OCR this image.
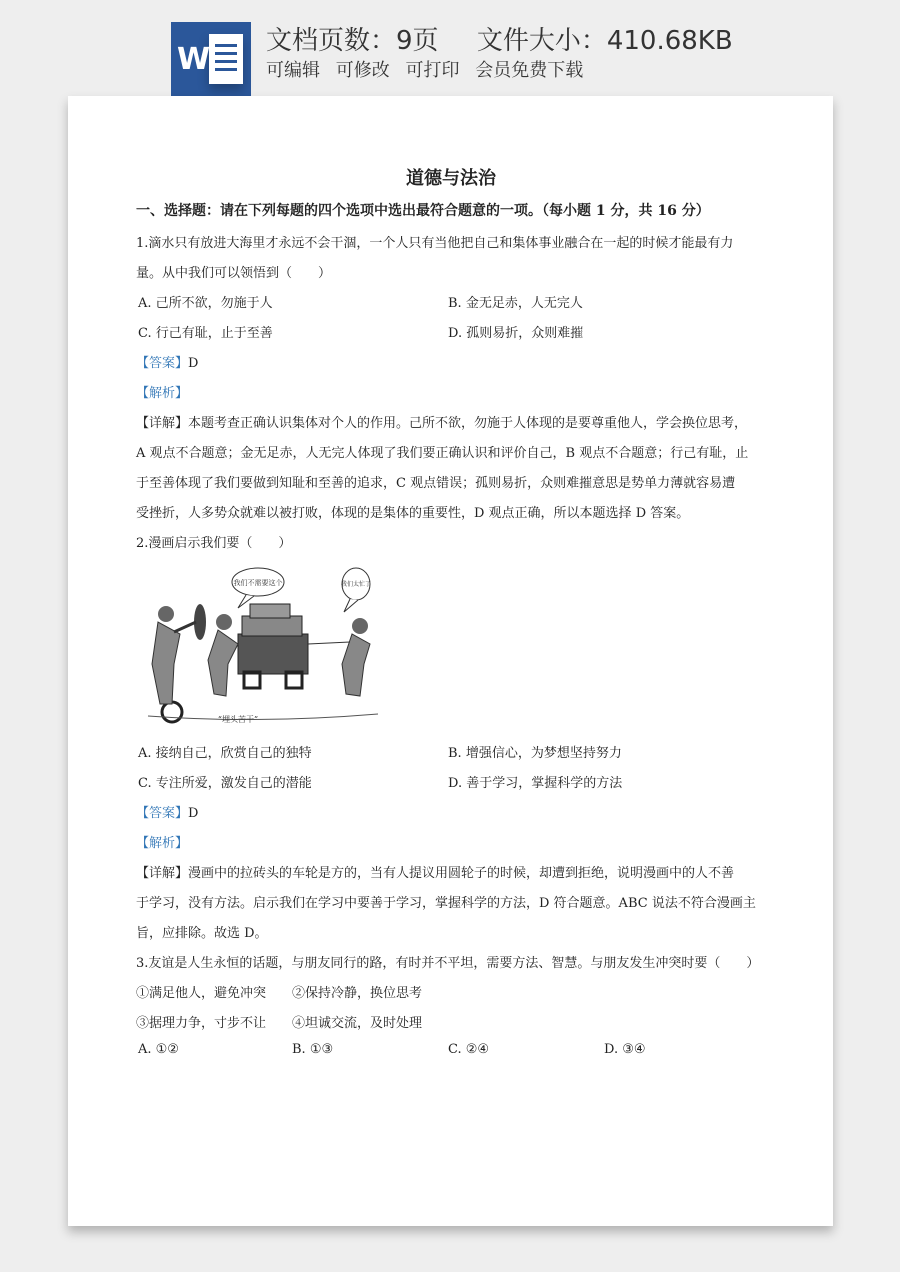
W
文档页数：9页 文件大小：410.68KB
可编辑 可修改 可打印 会员免费下载
道德与法治
一、选择题：请在下列每题的四个选项中选出最符合题意的一项。（每小题 1 分，共 16 分）
1.滴水只有放进大海里才永远不会干涸，一个人只有当他把自己和集体事业融合在一起的时候才能最有力
量。从中我们可以领悟到（　　）
A. 己所不欲，勿施于人	B. 金无足赤，人无完人
C. 行己有耻，止于至善	D. 孤则易折，众则难摧
【答案】D
【解析】
【详解】本题考查正确认识集体对个人的作用。己所不欲，勿施于人体现的是要尊重他人，学会换位思考，
A 观点不合题意；金无足赤，人无完人体现了我们要正确认识和评价自己，B 观点不合题意；行己有耻，止
于至善体现了我们要做到知耻和至善的追求，C 观点错误；孤则易折，众则难摧意思是势单力薄就容易遭
受挫折，人多势众就难以被打败，体现的是集体的重要性，D 观点正确，所以本题选择 D 答案。
2.漫画启示我们要（　　）
我们不需要这个	我们太忙了
“埋头苦干”
A. 接纳自己，欣赏自己的独特	B. 增强信心，为梦想坚持努力
C. 专注所爱，激发自己的潜能	D. 善于学习，掌握科学的方法
【答案】D
【解析】
【详解】漫画中的拉砖头的车轮是方的，当有人提议用圆轮子的时候，却遭到拒绝，说明漫画中的人不善
于学习，没有方法。启示我们在学习中要善于学习，掌握科学的方法，D 符合题意。ABC 说法不符合漫画主
旨，应排除。故选 D。
3.友谊是人生永恒的话题，与朋友同行的路，有时并不平坦，需要方法、智慧。与朋友发生冲突时要（　　）
①满足他人，避免冲突　　②保持冷静，换位思考
③据理力争，寸步不让　　④坦诚交流，及时处理
A. ①②	B. ①③	C. ②④	D. ③④
